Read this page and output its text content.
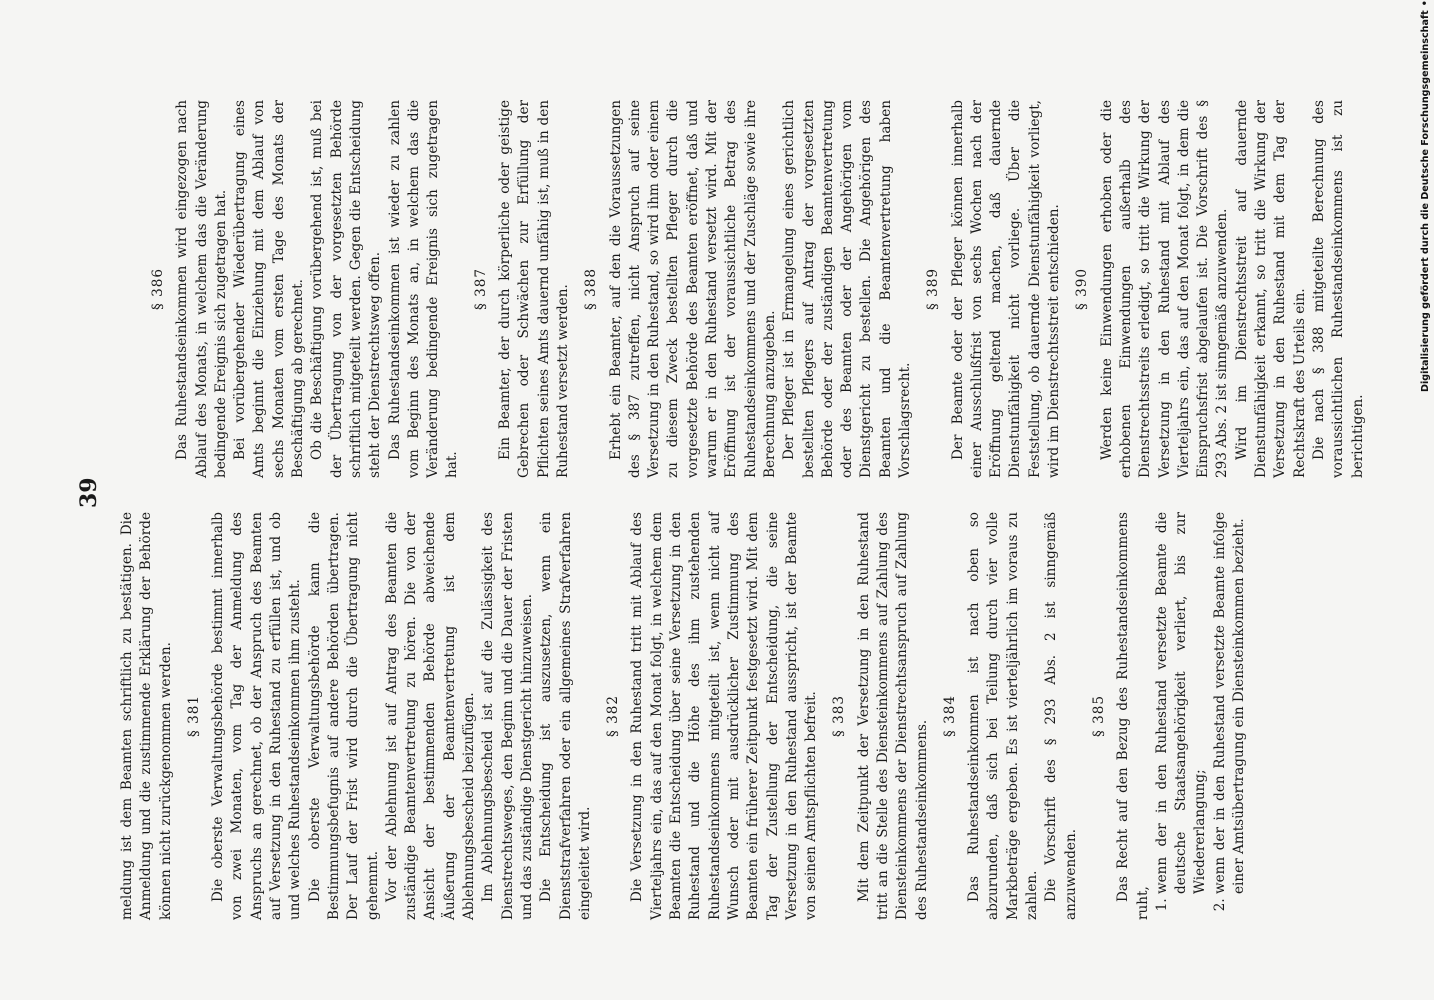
39

meldung ist dem Beamten schriftlich zu bestätigen. Die Anmeldung und die zustimmende Erklärung der Behörde können nicht zurückgenommen werden. § 381 Die oberste Verwaltungsbehörde bestimmt innerhalb von zwei Monaten, vom Tag der Anmeldung des Anspruchs an gerechnet, ob der Anspruch des Beamten auf Versetzung in den Ruhestand zu erfüllen ist, und ob und welches Ruhestandseinkommen ihm zusteht. Die oberste Verwaltungsbehörde kann die Bestimmungsbefugnis auf andere Behörden übertragen. Der Lauf der Frist wird durch die Übertragung nicht gehemmt. Vor der Ablehnung ist auf Antrag des Beamten die zuständige Beamtenvertretung zu hören. Die von der Ansicht der bestimmenden Behörde abweichende Äußerung der Beamtenvertretung ist dem Ablehnungsbescheid beizufügen. Im Ablehnungsbescheid ist auf die Zulässigkeit des Dienstrechtsweges, den Beginn und die Dauer der Fristen und das zuständige Dienstgericht hinzuweisen. Die Entscheidung ist auszusetzen, wenn ein Dienststrafverfahren oder ein allgemeines Strafverfahren eingeleitet wird.

§ 382 Die Versetzung in den Ruhestand tritt mit Ablauf des Vierteljahrs ein, das auf den Monat folgt, in welchem dem Beamten die Entscheidung über seine Versetzung in den Ruhestand und die Höhe des ihm zustehenden Ruhestandseinkommens mitgeteilt ist, wenn nicht auf Wunsch oder mit ausdrücklicher Zustimmung des Beamten ein früherer Zeitpunkt festgesetzt wird. Mit dem Tag der Zustellung der Entscheidung, die seine Versetzung in den Ruhestand ausspricht, ist der Beamte von seinen Amtspflichten befreit. § 383 Mit dem Zeitpunkt der Versetzung in den Ruhestand tritt an die Stelle des Diensteinkommens auf Zahlung des Diensteinkommens der Dienstrechtsanspruch auf Zahlung des Ruhestandseinkommens.

§ 384 Das Ruhestandseinkommen ist nach oben so abzurunden, daß sich bei Teilung durch vier volle Markbeträge ergeben. Es ist vierteljährlich im voraus zu zahlen. Die Vorschrift des § 293 Abs. 2 ist sinngemäß anzuwenden.

§ 385 Das Recht auf den Bezug des Ruhestandseinkommens ruht,

1. wenn der in den Ruhestand versetzte Beamte die deutsche Staatsangehörigkeit verliert, bis zur Wiedererlangung;
2. wenn der in den Ruhestand versetzte Beamte infolge einer Amtsübertragung ein Diensteinkommen bezieht.
§ 386 Das Ruhestandseinkommen wird eingezogen nach Ablauf des Monats, in welchem das die Veränderung bedingende Ereignis sich zugetragen hat. Bei vorübergehender Wiederübertragung eines Amts beginnt die Einziehung mit dem Ablauf von sechs Monaten vom ersten Tage des Monats der Beschäftigung ab gerechnet. Ob die Beschäftigung vorübergehend ist, muß bei der Übertragung von der vorgesetzten Behörde schriftlich mitgeteilt werden. Gegen die Entscheidung steht der Dienstrechtsweg offen. Das Ruhestandseinkommen ist wieder zu zahlen vom Beginn des Monats an, in welchem das die Veränderung bedingende Ereignis sich zugetragen hat.

§ 387 Ein Beamter, der durch körperliche oder geistige Gebrechen oder Schwächen zur Erfüllung der Pflichten seines Amts dauernd unfähig ist, muß in den Ruhestand versetzt werden. § 388 Erhebt ein Beamter, auf den die Voraussetzungen des § 387 zutreffen, nicht Anspruch auf seine Versetzung in den Ruhestand, so wird ihm oder einem zu diesem Zweck bestellten Pfleger durch die vorgesetzte Behörde des Beamten eröffnet, daß und warum er in den Ruhestand versetzt wird. Mit der Eröffnung ist der voraussichtliche Betrag des Ruhestandseinkommens und der Zuschläge sowie ihre Berechnung anzugeben. Der Pfleger ist in Ermangelung eines gerichtlich bestellten Pflegers auf Antrag der vorgesetzten Behörde oder der zuständigen Beamtenvertretung oder des Beamten oder der Angehörigen vom Dienstgericht zu bestellen. Die Angehörigen des Beamten und die Beamtenvertretung haben Vorschlagsrecht.

§ 389 Der Beamte oder der Pfleger können innerhalb einer Ausschlußfrist von sechs Wochen nach der Eröffnung geltend machen, daß dauernde Dienstunfähigkeit nicht vorliege. Über die Feststellung, ob dauernde Dienstunfähigkeit vorliegt, wird im Dienstrechtsstreit entschieden. § 390 Werden keine Einwendungen erhoben oder die erhobenen Einwendungen außerhalb des Dienstrechtsstreits erledigt, so tritt die Wirkung der Versetzung in den Ruhestand mit Ablauf des Vierteljahrs ein, das auf den Monat folgt, in dem die Einspruchsfrist abgelaufen ist. Die Vorschrift des § 293 Abs. 2 ist sinngemäß anzuwenden. Wird im Dienstrechtsstreit auf dauernde Dienstunfähigkeit erkannt, so tritt die Wirkung der Versetzung in den Ruhestand mit dem Tag der Rechtskraft des Urteils ein. Die nach § 388 mitgeteilte Berechnung des voraussichtlichen Ruhestandseinkommens ist zu berichtigen.

Digitalisierung gefördert durch die Deutsche Forschungsgemeinschaft
•
